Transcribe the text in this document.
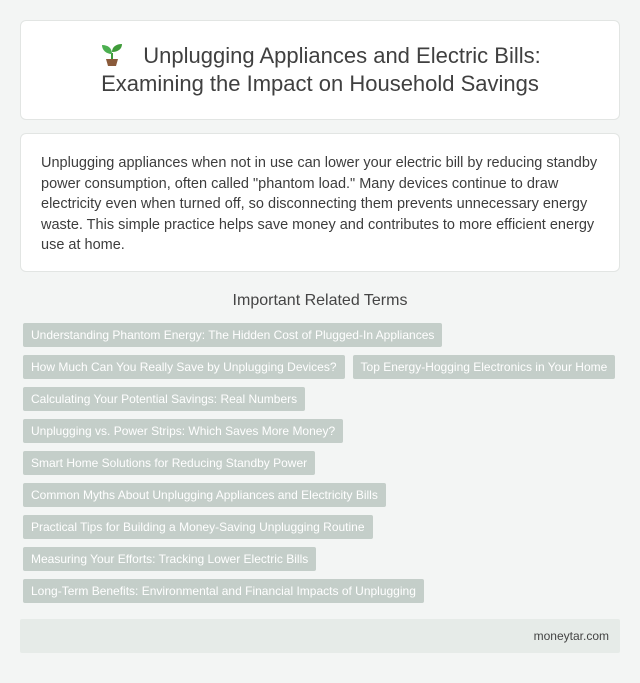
Unplugging Appliances and Electric Bills: Examining the Impact on Household Savings

Unplugging appliances when not in use can lower your electric bill by reducing standby power consumption, often called "phantom load." Many devices continue to draw electricity even when turned off, so disconnecting them prevents unnecessary energy waste. This simple practice helps save money and contributes to more efficient energy use at home.

Important Related Terms
Understanding Phantom Energy: The Hidden Cost of Plugged-In Appliances
How Much Can You Really Save by Unplugging Devices?	Top Energy-Hogging Electronics in Your Home
Calculating Your Potential Savings: Real Numbers
Unplugging vs. Power Strips: Which Saves More Money?
Smart Home Solutions for Reducing Standby Power
Common Myths About Unplugging Appliances and Electricity Bills
Practical Tips for Building a Money-Saving Unplugging Routine
Measuring Your Efforts: Tracking Lower Electric Bills
Long-Term Benefits: Environmental and Financial Impacts of Unplugging
moneytar.com
